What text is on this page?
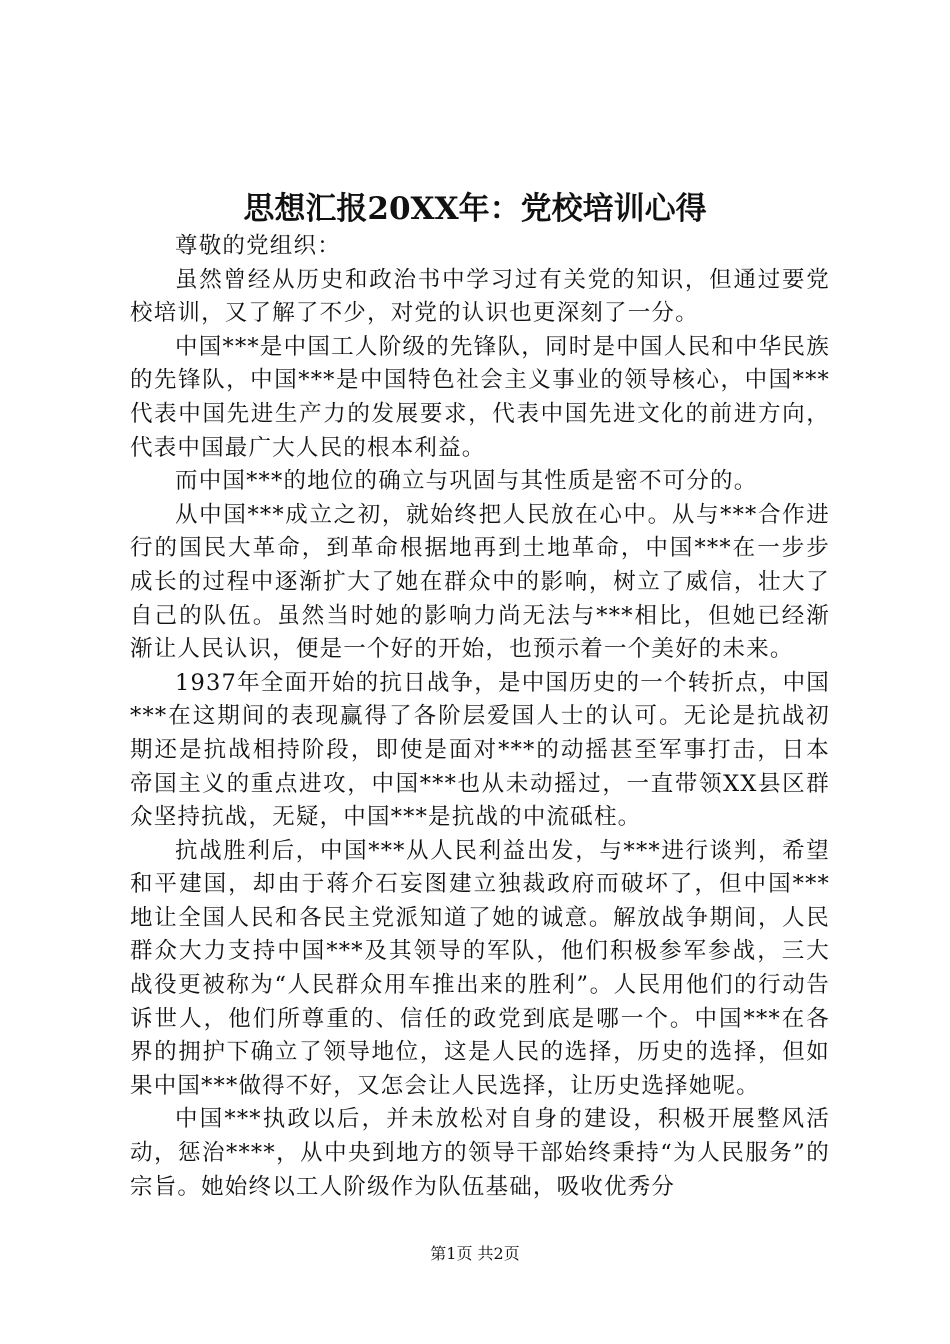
思想汇报20XX年：党校培训心得

尊敬的党组织：

虽然曾经从历史和政治书中学习过有关党的知识，但通过要党校培训，又了解了不少，对党的认识也更深刻了一分。

中国***是中国工人阶级的先锋队，同时是中国人民和中华民族的先锋队，中国***是中国特色社会主义事业的领导核心，中国***代表中国先进生产力的发展要求，代表中国先进文化的前进方向，代表中国最广大人民的根本利益。

而中国***的地位的确立与巩固与其性质是密不可分的。

从中国***成立之初，就始终把人民放在心中。从与***合作进行的国民大革命，到革命根据地再到土地革命，中国***在一步步成长的过程中逐渐扩大了她在群众中的影响，树立了威信，壮大了自己的队伍。虽然当时她的影响力尚无法与***相比，但她已经渐渐让人民认识，便是一个好的开始，也预示着一个美好的未来。

1937年全面开始的抗日战争，是中国历史的一个转折点，中国***在这期间的表现赢得了各阶层爱国人士的认可。无论是抗战初期还是抗战相持阶段，即使是面对***的动摇甚至军事打击，日本帝国主义的重点进攻，中国***也从未动摇过，一直带领XX县区群众坚持抗战，无疑，中国***是抗战的中流砥柱。

抗战胜利后，中国***从人民利益出发，与***进行谈判，希望和平建国，却由于蒋介石妄图建立独裁政府而破坏了，但中国***地让全国人民和各民主党派知道了她的诚意。解放战争期间，人民群众大力支持中国***及其领导的军队，他们积极参军参战，三大战役更被称为“人民群众用车推出来的胜利”。人民用他们的行动告诉世人，他们所尊重的、信任的政党到底是哪一个。中国***在各界的拥护下确立了领导地位，这是人民的选择，历史的选择，但如果中国***做得不好，又怎会让人民选择，让历史选择她呢。

中国***执政以后，并未放松对自身的建设，积极开展整风活动，惩治****，从中央到地方的领导干部始终秉持“为人民服务”的宗旨。她始终以工人阶级作为队伍基础，吸收优秀分

第1页 共2页
